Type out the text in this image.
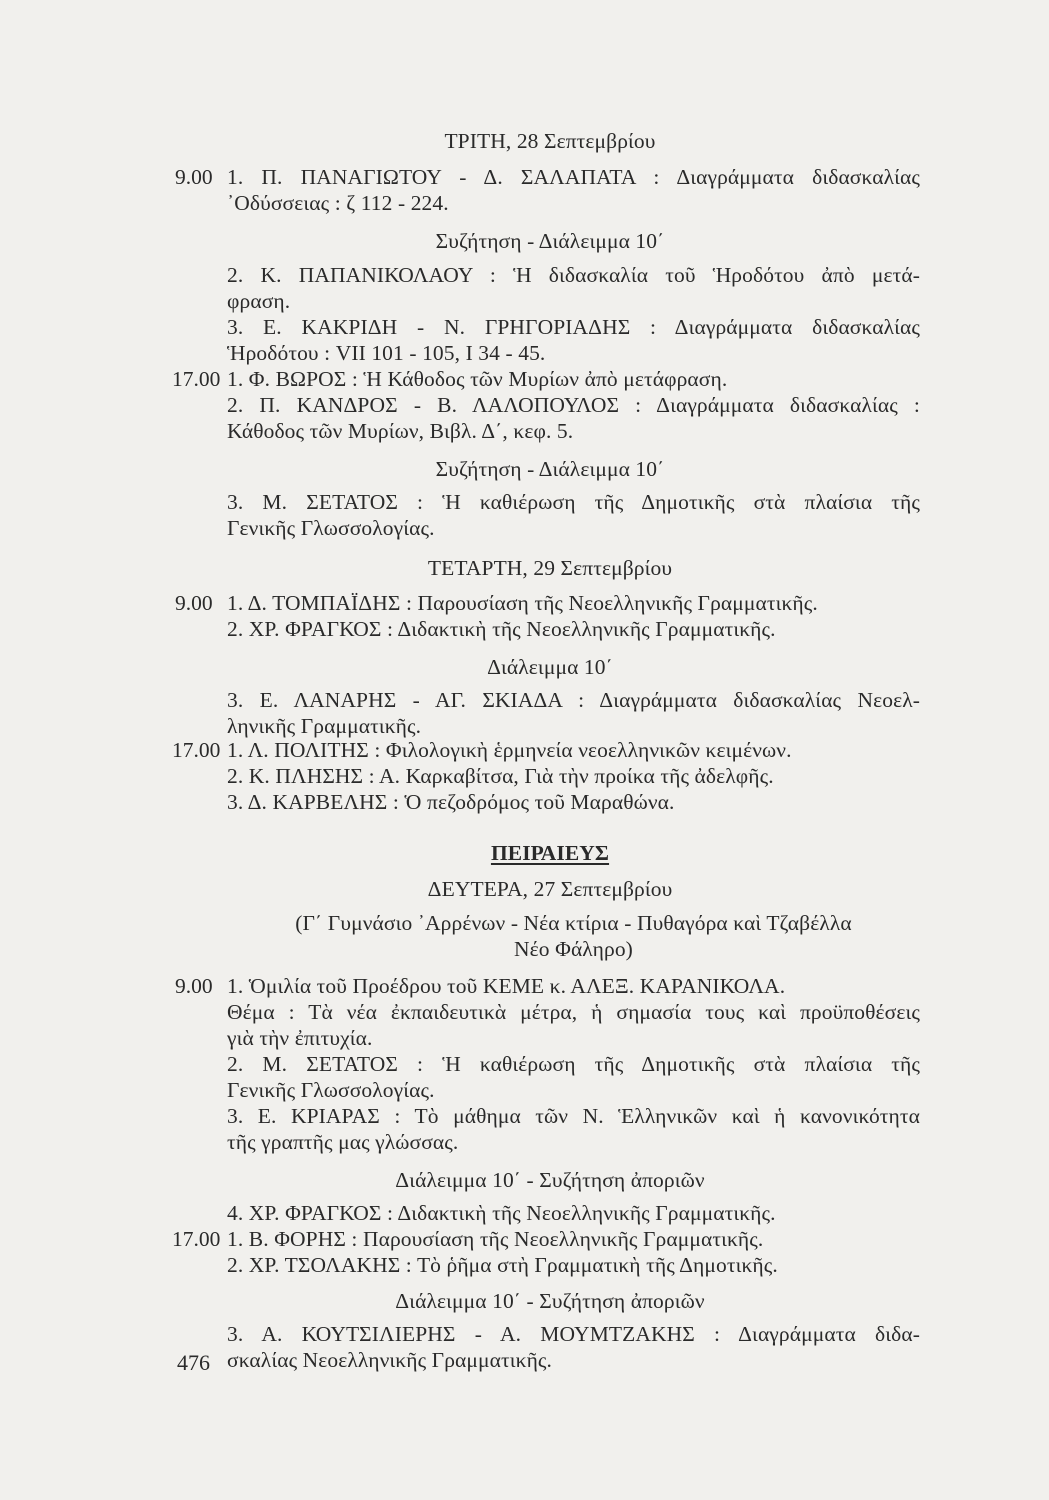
ΤΡΙΤΗ, 28 Σεπτεμβρίου
9.00 1. Π. ΠΑΝΑΓΙΩΤΟΥ - Δ. ΣΑΛΑΠΑΤΑ : Διαγράμματα διδασκαλίας
᾿Οδύσσειας : ζ 112 - 224.
Συζήτηση - Διάλειμμα 10΄
2. Κ. ΠΑΠΑΝΙΚΟΛΑΟΥ : Ἡ διδασκαλία τοῦ Ἡροδότου ἀπὸ μετά-
φραση.
3. Ε. ΚΑΚΡΙΔΗ - Ν. ΓΡΗΓΟΡΙΑΔΗΣ : Διαγράμματα διδασκαλίας
Ἡροδότου : VII 101 - 105, I 34 - 45.
17.00 1. Φ. ΒΩΡΟΣ : Ἡ Κάθοδος τῶν Μυρίων ἀπὸ μετάφραση.
2. Π. ΚΑΝΔΡΟΣ - Β. ΛΑΛΟΠΟΥΛΟΣ : Διαγράμματα διδασκαλίας :
Κάθοδος τῶν Μυρίων, Βιβλ. Δ΄, κεφ. 5.
Συζήτηση - Διάλειμμα 10΄
3. Μ. ΣΕΤΑΤΟΣ : Ἡ καθιέρωση τῆς Δημοτικῆς στὰ πλαίσια τῆς
Γενικῆς Γλωσσολογίας.
ΤΕΤΑΡΤΗ, 29 Σεπτεμβρίου
9.00 1. Δ. ΤΟΜΠΑΪΔΗΣ : Παρουσίαση τῆς Νεοελληνικῆς Γραμματικῆς.
2. ΧΡ. ΦΡΑΓΚΟΣ : Διδακτικὴ τῆς Νεοελληνικῆς Γραμματικῆς.
Διάλειμμα 10΄
3. Ε. ΛΑΝΑΡΗΣ - ΑΓ. ΣΚΙΑΔΑ : Διαγράμματα διδασκαλίας Νεοελ-
ληνικῆς Γραμματικῆς.
17.00 1. Λ. ΠΟΛΙΤΗΣ : Φιλολογικὴ ἑρμηνεία νεοελληνικῶν κειμένων.
2. Κ. ΠΛΗΣΗΣ : Α. Καρκαβίτσα, Γιὰ τὴν προίκα τῆς ἀδελφῆς.
3. Δ. ΚΑΡΒΕΛΗΣ : Ὁ πεζοδρόμος τοῦ Μαραθώνα.
ΠΕΙΡΑΙΕΥΣ
ΔΕΥΤΕΡΑ, 27 Σεπτεμβρίου
(Γ΄ Γυμνάσιο ᾿Αρρένων - Νέα κτίρια - Πυθαγόρα καὶ Τζαβέλλα
Νέο Φάληρο)
9.00 1. Ὁμιλία τοῦ Προέδρου τοῦ ΚΕΜΕ κ. ΑΛΕΞ. ΚΑΡΑΝΙΚΟΛΑ.
Θέμα : Τὰ νέα ἐκπαιδευτικὰ μέτρα, ἡ σημασία τους καὶ προϋποθέσεις
γιὰ τὴν ἐπιτυχία.
2. Μ. ΣΕΤΑΤΟΣ : Ἡ καθιέρωση τῆς Δημοτικῆς στὰ πλαίσια τῆς
Γενικῆς Γλωσσολογίας.
3. Ε. ΚΡΙΑΡΑΣ : Τὸ μάθημα τῶν Ν. Ἑλληνικῶν καὶ ἡ κανονικότητα
τῆς γραπτῆς μας γλώσσας.
Διάλειμμα 10΄ - Συζήτηση ἀποριῶν
4. ΧΡ. ΦΡΑΓΚΟΣ : Διδακτικὴ τῆς Νεοελληνικῆς Γραμματικῆς.
17.00 1. Β. ΦΟΡΗΣ : Παρουσίαση τῆς Νεοελληνικῆς Γραμματικῆς.
2. ΧΡ. ΤΣΟΛΑΚΗΣ : Τὸ ῥῆμα στὴ Γραμματικὴ τῆς Δημοτικῆς.
Διάλειμμα 10΄ - Συζήτηση ἀποριῶν
3. Α. ΚΟΥΤΣΙΛΙΕΡΗΣ - Α. ΜΟΥΜΤΖΑΚΗΣ : Διαγράμματα διδα-
σκαλίας Νεοελληνικῆς Γραμματικῆς.
476
